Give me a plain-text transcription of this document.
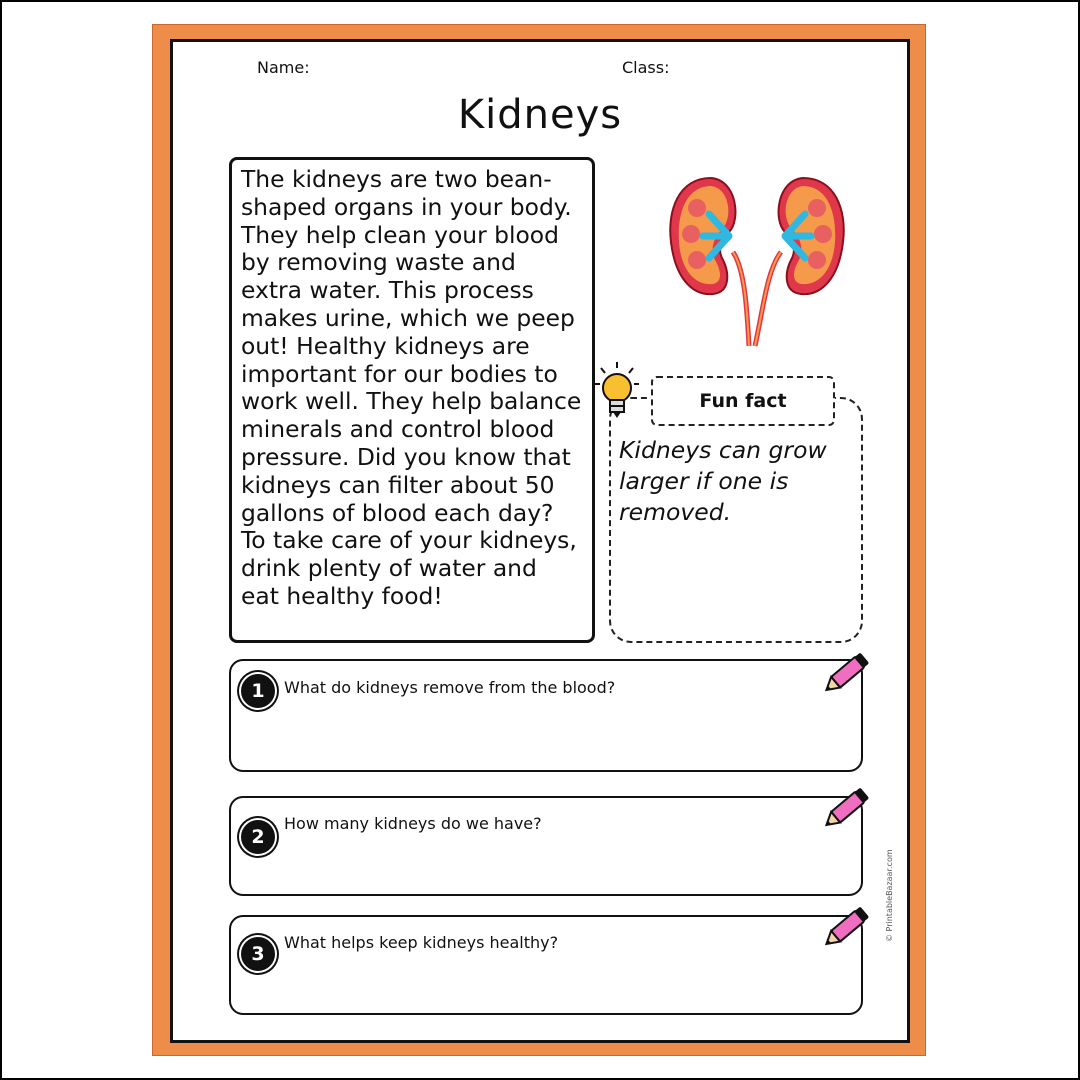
Name:	Class:
Kidneys
The kidneys are two bean-shaped organs in your body. They help clean your blood by removing waste and extra water. This process makes urine, which we peep out! Healthy kidneys are important for our bodies to work well. They help balance minerals and control blood pressure. Did you know that kidneys can filter about 50 gallons of blood each day? To take care of your kidneys, drink plenty of water and eat healthy food!
Fun fact
Kidneys can grow larger if one is removed.
1	What do kidneys remove from the blood?
2
How many kidneys do we have?
3
What helps keep kidneys healthy?
© PrintableBazaar.com
